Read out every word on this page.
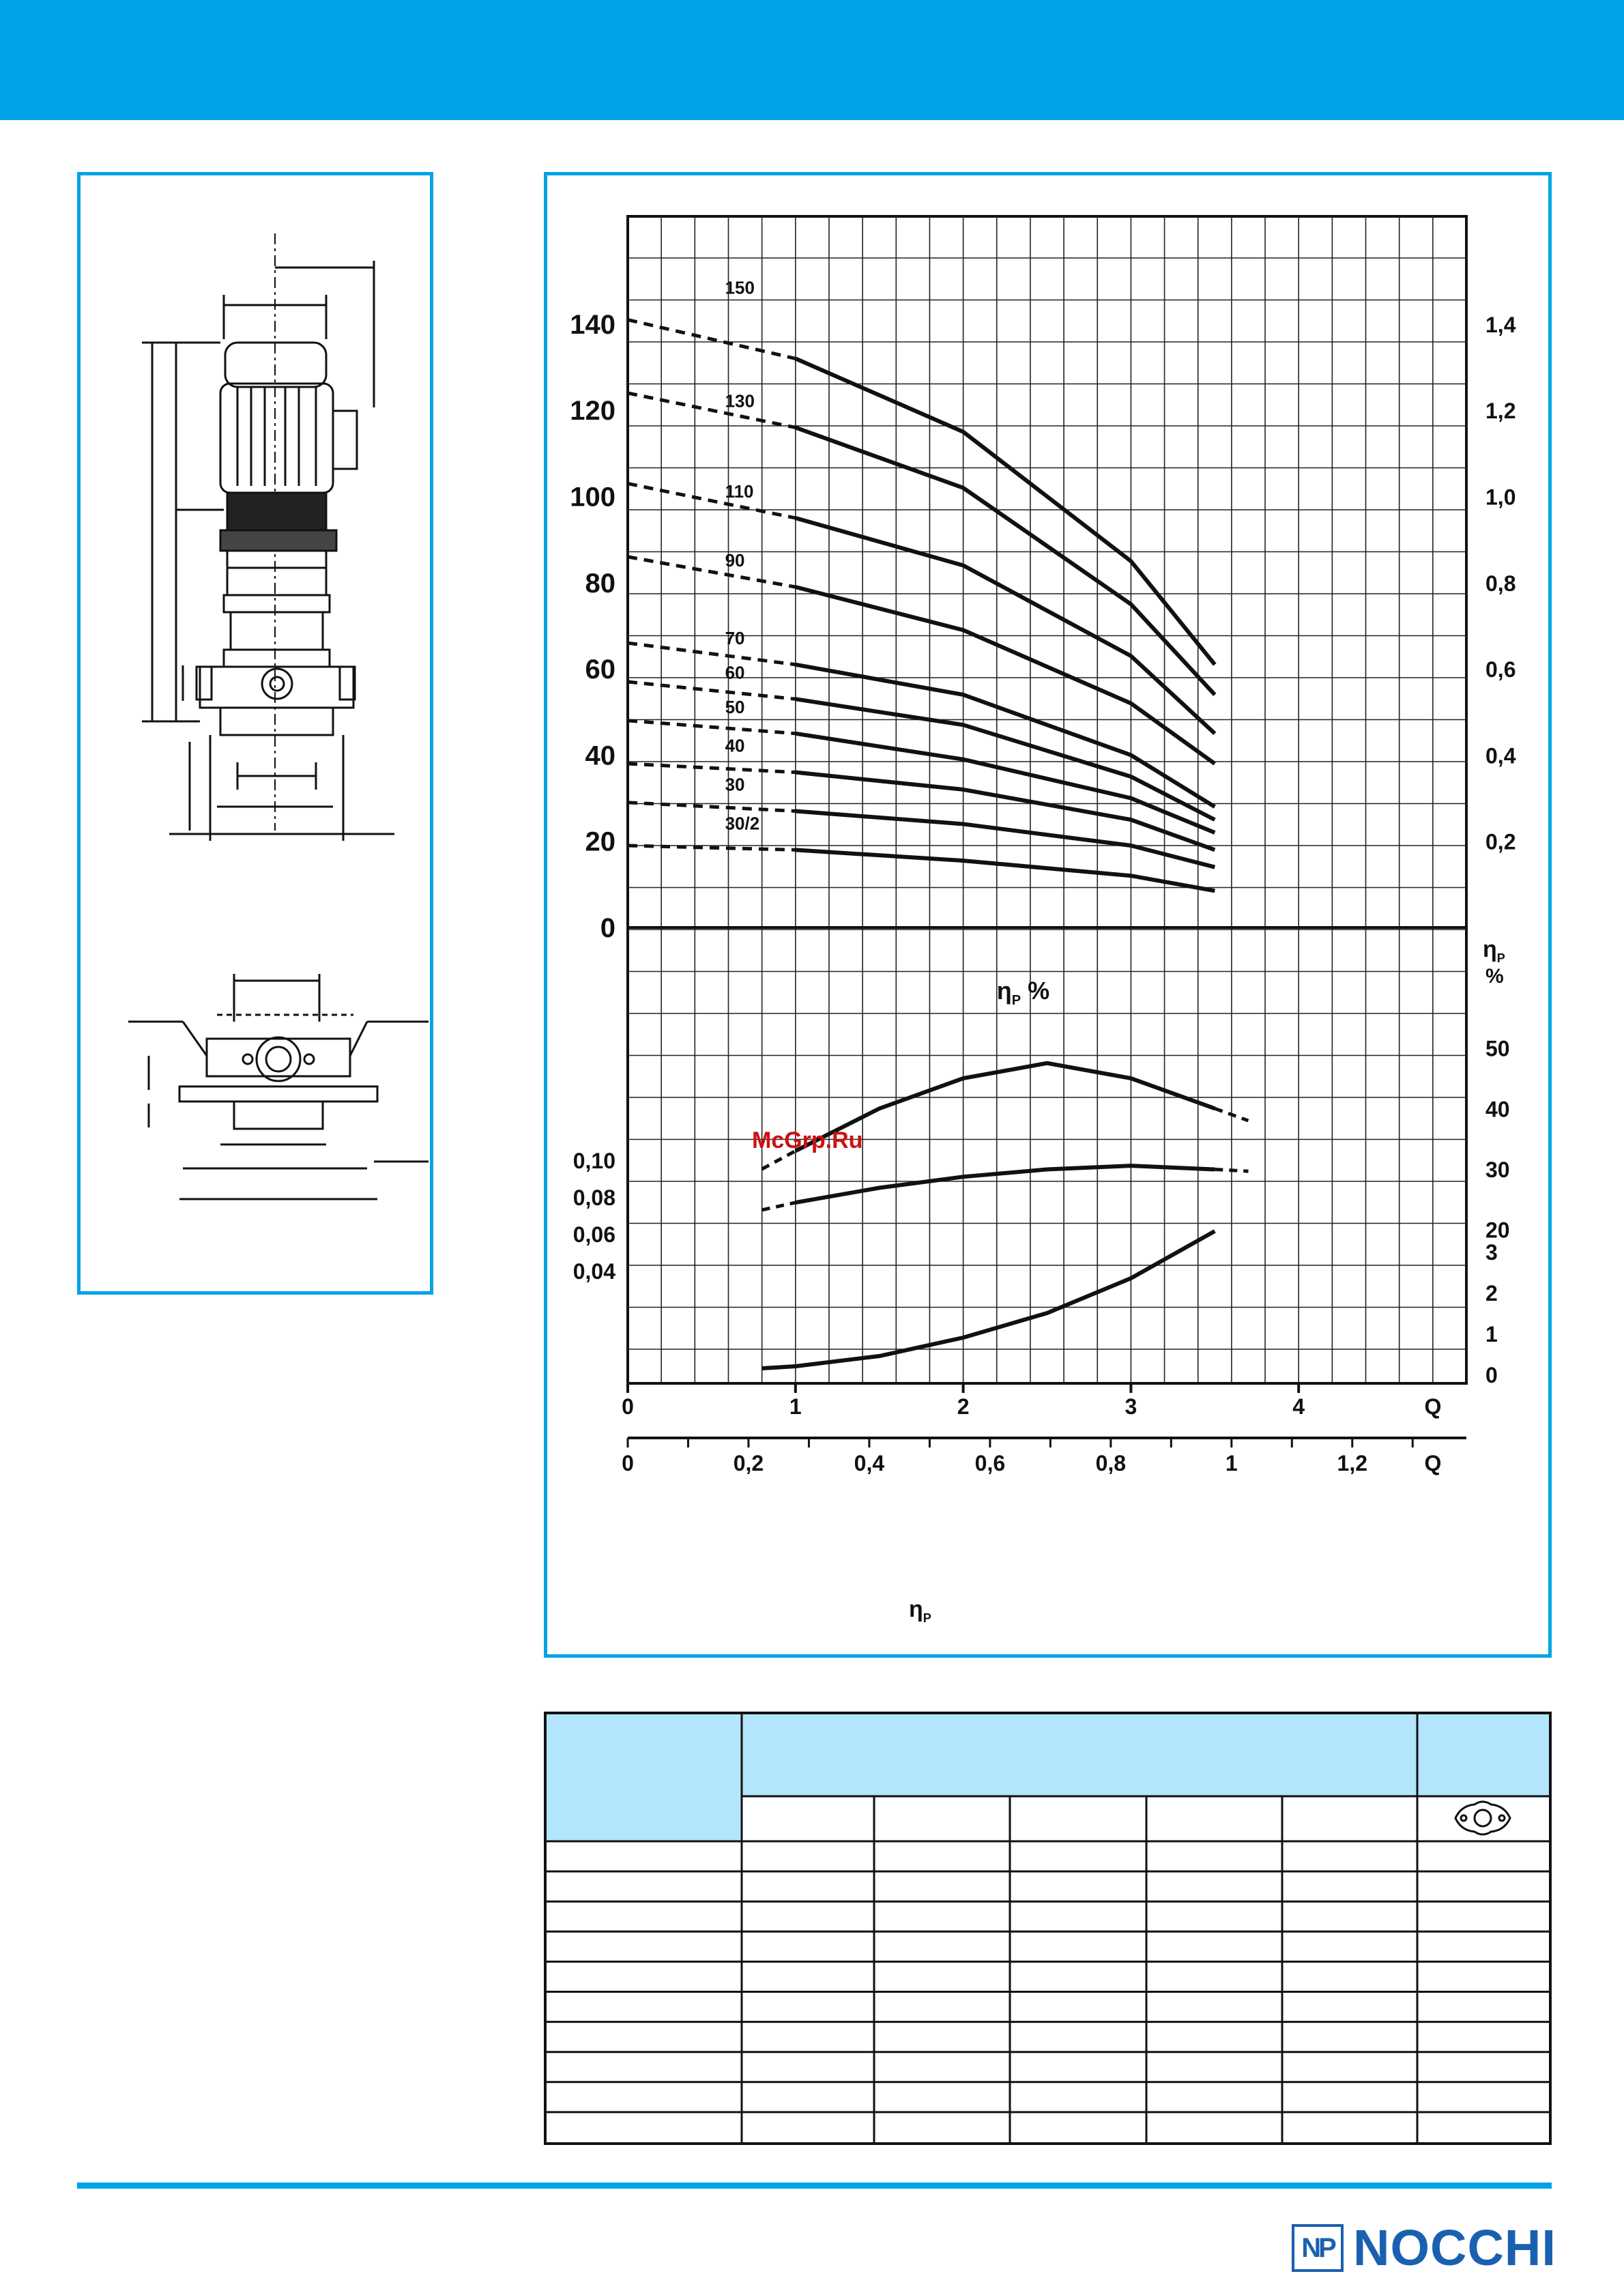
0
20
40
60
80
100
120
140
0,2
0,4
0,6
0,8
1,0
1,2
1,4
20
30
40
50
$\eta_P$
%
0,04
0,06
0,08
0,10
0
1
2
3
0	1	2	3	4	Q
0	0,2	0,4	0,6	0,8	1	1,2	Q
150
130
110
90
70
60
50
40
30
30/2
$\eta_P$ %
McGrp.Ru
$\eta_P$
NP NOCCHI
